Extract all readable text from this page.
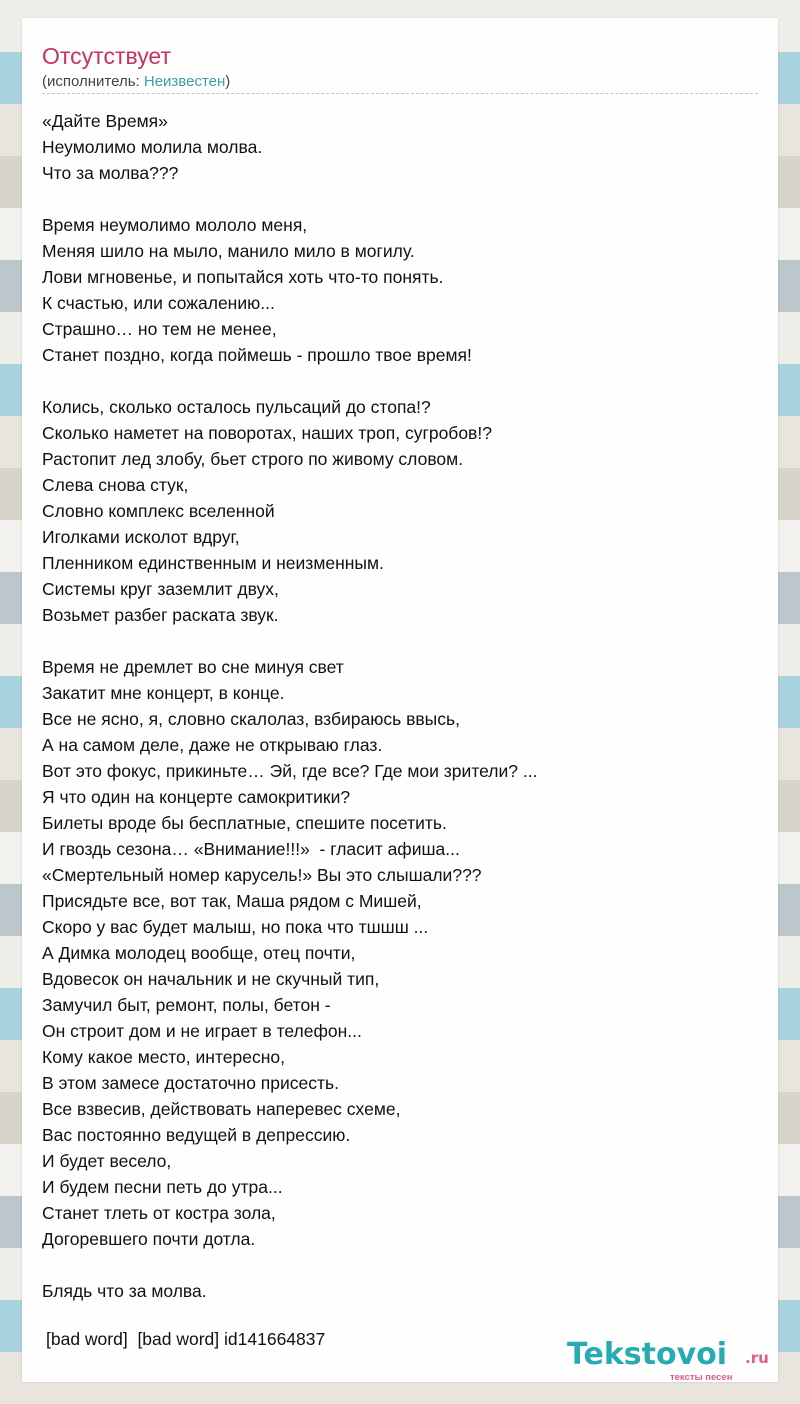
Отсутствует
(исполнитель: Неизвестен)
«Дайте Время»
Неумолимо молила молва.
Что за молва???
Время неумолимо мололо меня,
Меняя шило на мыло, манило мило в могилу.
Лови мгновенье, и попытайся хоть что-то понять.
К счастью, или сожалению...
Страшно… но тем не менее,
Станет поздно, когда поймешь - прошло твое время!
Колись, сколько осталось пульсаций до стопа!?
Сколько наметет на поворотах, наших троп, сугробов!?
Растопит лед злобу, бьет строго по живому словом.
Слева снова стук,
Словно комплекс вселенной
Иголками исколот вдруг,
Пленником единственным и неизменным.
Системы круг заземлит двух,
Возьмет разбег раската звук.
Время не дремлет во сне минуя свет
Закатит мне концерт, в конце.
Все не ясно, я, словно скалолаз, взбираюсь ввысь,
А на самом деле, даже не открываю глаз.
Вот это фокус, прикиньте… Эй, где все? Где мои зрители? ...
Я что один на концерте самокритики?
Билеты вроде бы бесплатные, спешите посетить.
И гвоздь сезона… «Внимание!!!»  - гласит афиша...
«Смертельный номер карусель!» Вы это слышали???
Присядьте все, вот так, Маша рядом с Мишей,
Скоро у вас будет малыш, но пока что тшшш ...
А Димка молодец вообще, отец почти,
Вдовесок он начальник и не скучный тип,
Замучил быт, ремонт, полы, бетон -
Он строит дом и не играет в телефон...
Кому какое место, интересно,
В этом замесе достаточно присесть.
Все взвесив, действовать наперевес схеме,
Вас постоянно ведущей в депрессию.
И будет весело,
И будем песни петь до утра...
Станет тлеть от костра зола,
Догоревшего почти дотла.
Блядь что за молва.
[bad word]  [bad word] id141664837	Tekstovoi .ru
тексты песен
